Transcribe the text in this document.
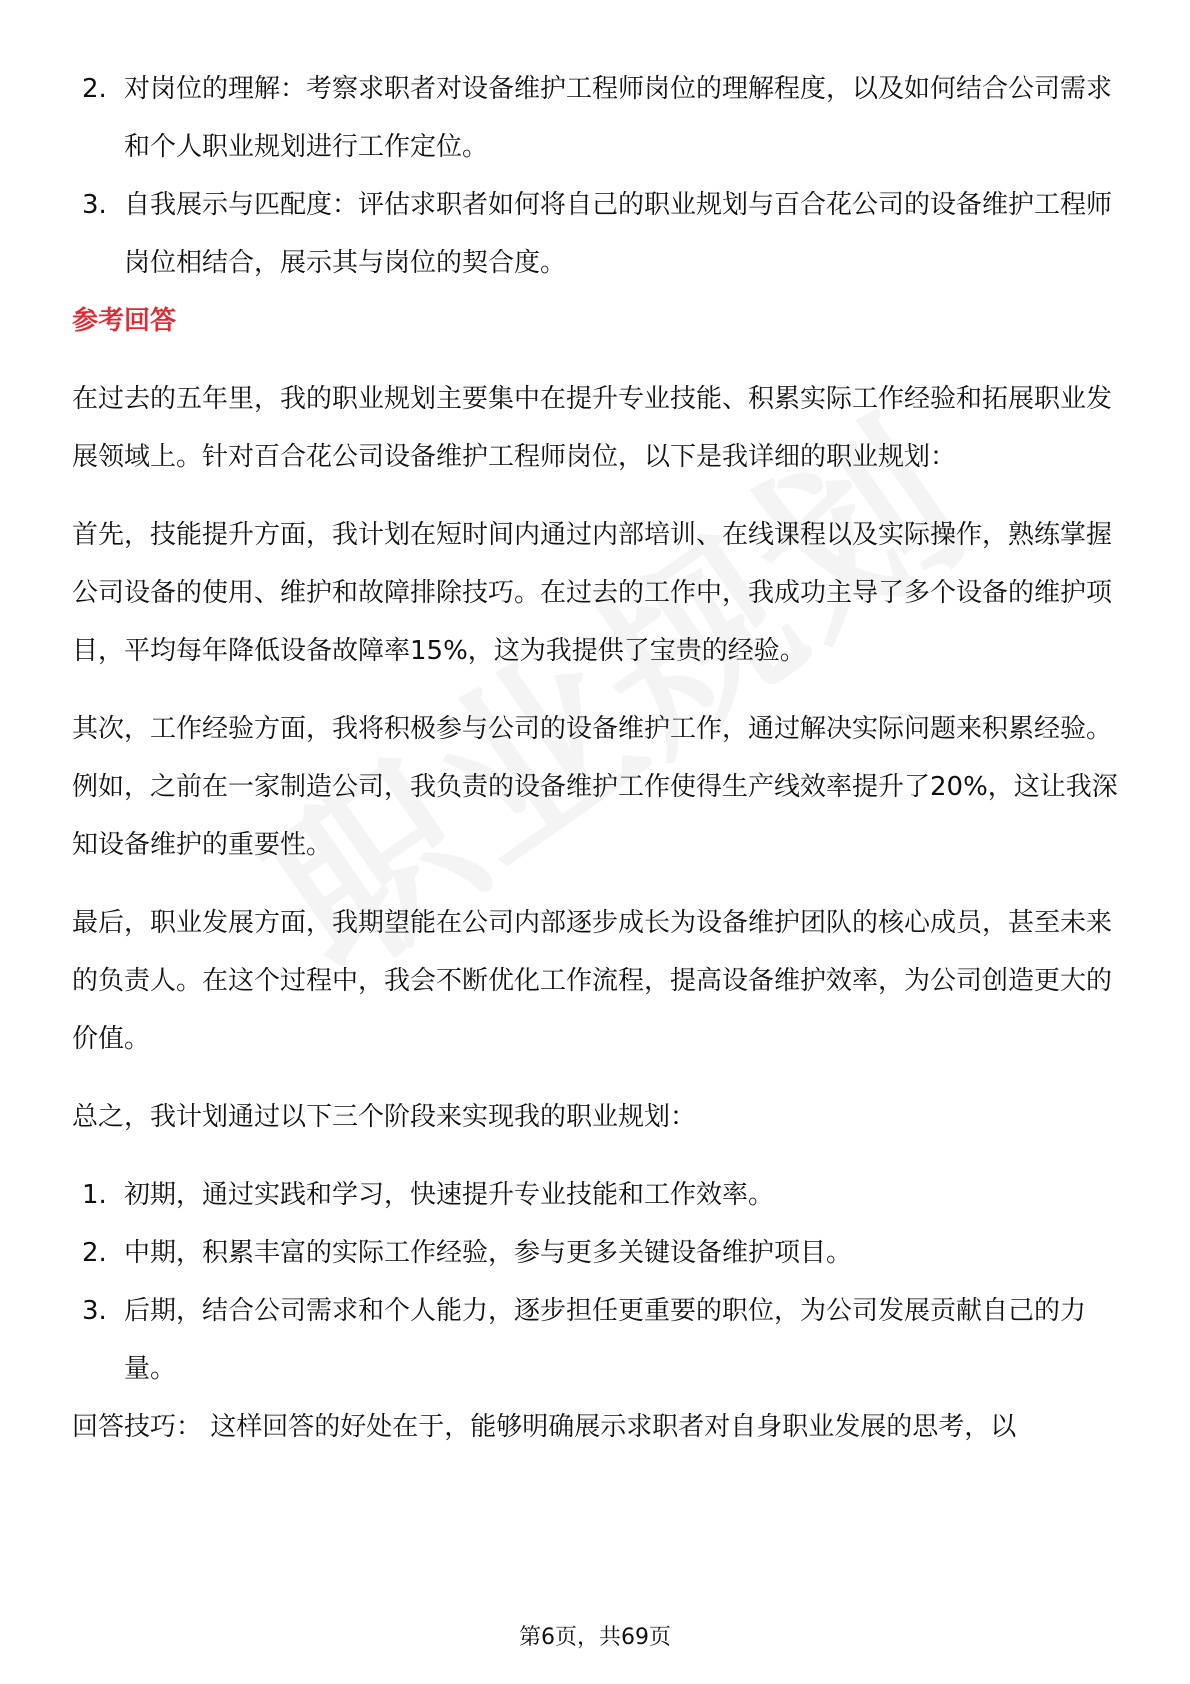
2. 对岗位的理解：考察求职者对设备维护工程师岗位的理解程度，以及如何结合公司需求和个人职业规划进行工作定位。
3. 自我展示与匹配度：评估求职者如何将自己的职业规划与百合花公司的设备维护工程师岗位相结合，展示其与岗位的契合度。
参考回答

在过去的五年里，我的职业规划主要集中在提升专业技能、积累实际工作经验和拓展职业发展领域上。针对百合花公司设备维护工程师岗位，以下是我详细的职业规划：

首先，技能提升方面，我计划在短时间内通过内部培训、在线课程以及实际操作，熟练掌握公司设备的使用、维护和故障排除技巧。在过去的工作中，我成功主导了多个设备的维护项目，平均每年降低设备故障率15%，这为我提供了宝贵的经验。

其次，工作经验方面，我将积极参与公司的设备维护工作，通过解决实际问题来积累经验。例如，之前在一家制造公司，我负责的设备维护工作使得生产线效率提升了20%，这让我深知设备维护的重要性。

最后，职业发展方面，我期望能在公司内部逐步成长为设备维护团队的核心成员，甚至未来的负责人。在这个过程中，我会不断优化工作流程，提高设备维护效率，为公司创造更大的价值。

总之，我计划通过以下三个阶段来实现我的职业规划：

1. 初期，通过实践和学习，快速提升专业技能和工作效率。
2. 中期，积累丰富的实际工作经验，参与更多关键设备维护项目。
3. 后期，结合公司需求和个人能力，逐步担任更重要的职位，为公司发展贡献自己的力量。

回答技巧： 这样回答的好处在于，能够明确展示求职者对自身职业发展的思考，以

第6页，共69页
